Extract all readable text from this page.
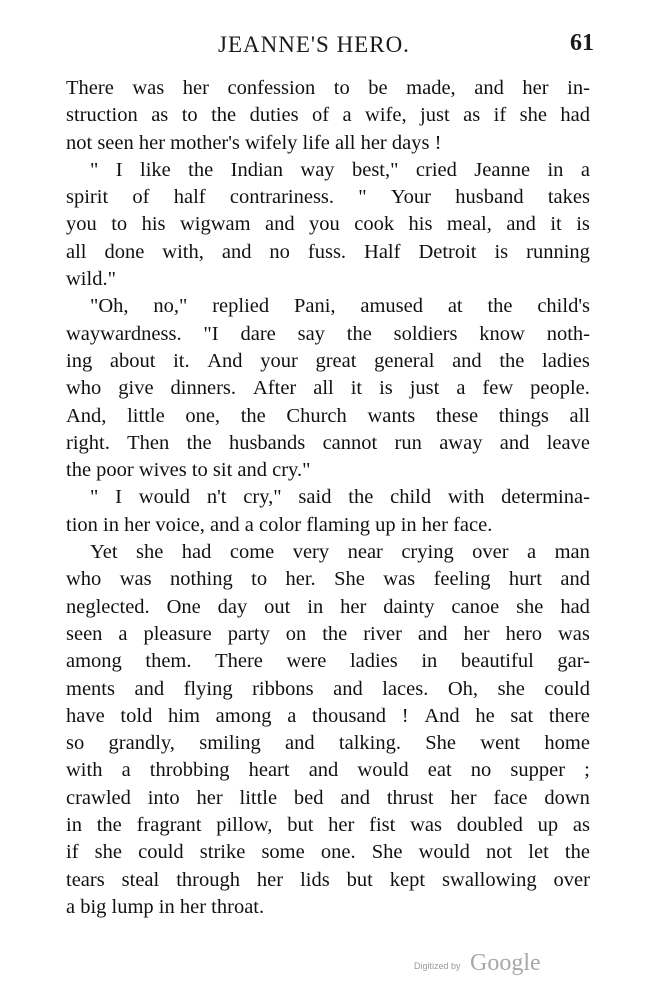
JEANNE'S HERO.	61
There was her confession to be made, and her in-
struction as to the duties of a wife, just as if she had
not seen her mother's wifely life all her days !
" I like the Indian way best," cried Jeanne in a
spirit of half contrariness. " Your husband takes
you to his wigwam and you cook his meal, and it is
all done with, and no fuss. Half Detroit is running
wild."
"Oh, no," replied Pani, amused at the child's
waywardness. "I dare say the soldiers know noth-
ing about it. And your great general and the ladies
who give dinners. After all it is just a few people.
And, little one, the Church wants these things all
right. Then the husbands cannot run away and leave
the poor wives to sit and cry."
" I would n't cry," said the child with determina-
tion in her voice, and a color flaming up in her face.
Yet she had come very near crying over a man
who was nothing to her. She was feeling hurt and
neglected. One day out in her dainty canoe she had
seen a pleasure party on the river and her hero was
among them. There were ladies in beautiful gar-
ments and flying ribbons and laces. Oh, she could
have told him among a thousand ! And he sat there
so grandly, smiling and talking. She went home
with a throbbing heart and would eat no supper ;
crawled into her little bed and thrust her face down
in the fragrant pillow, but her fist was doubled up as
if she could strike some one. She would not let the
tears steal through her lids but kept swallowing over
a big lump in her throat.
Digitized by Google
